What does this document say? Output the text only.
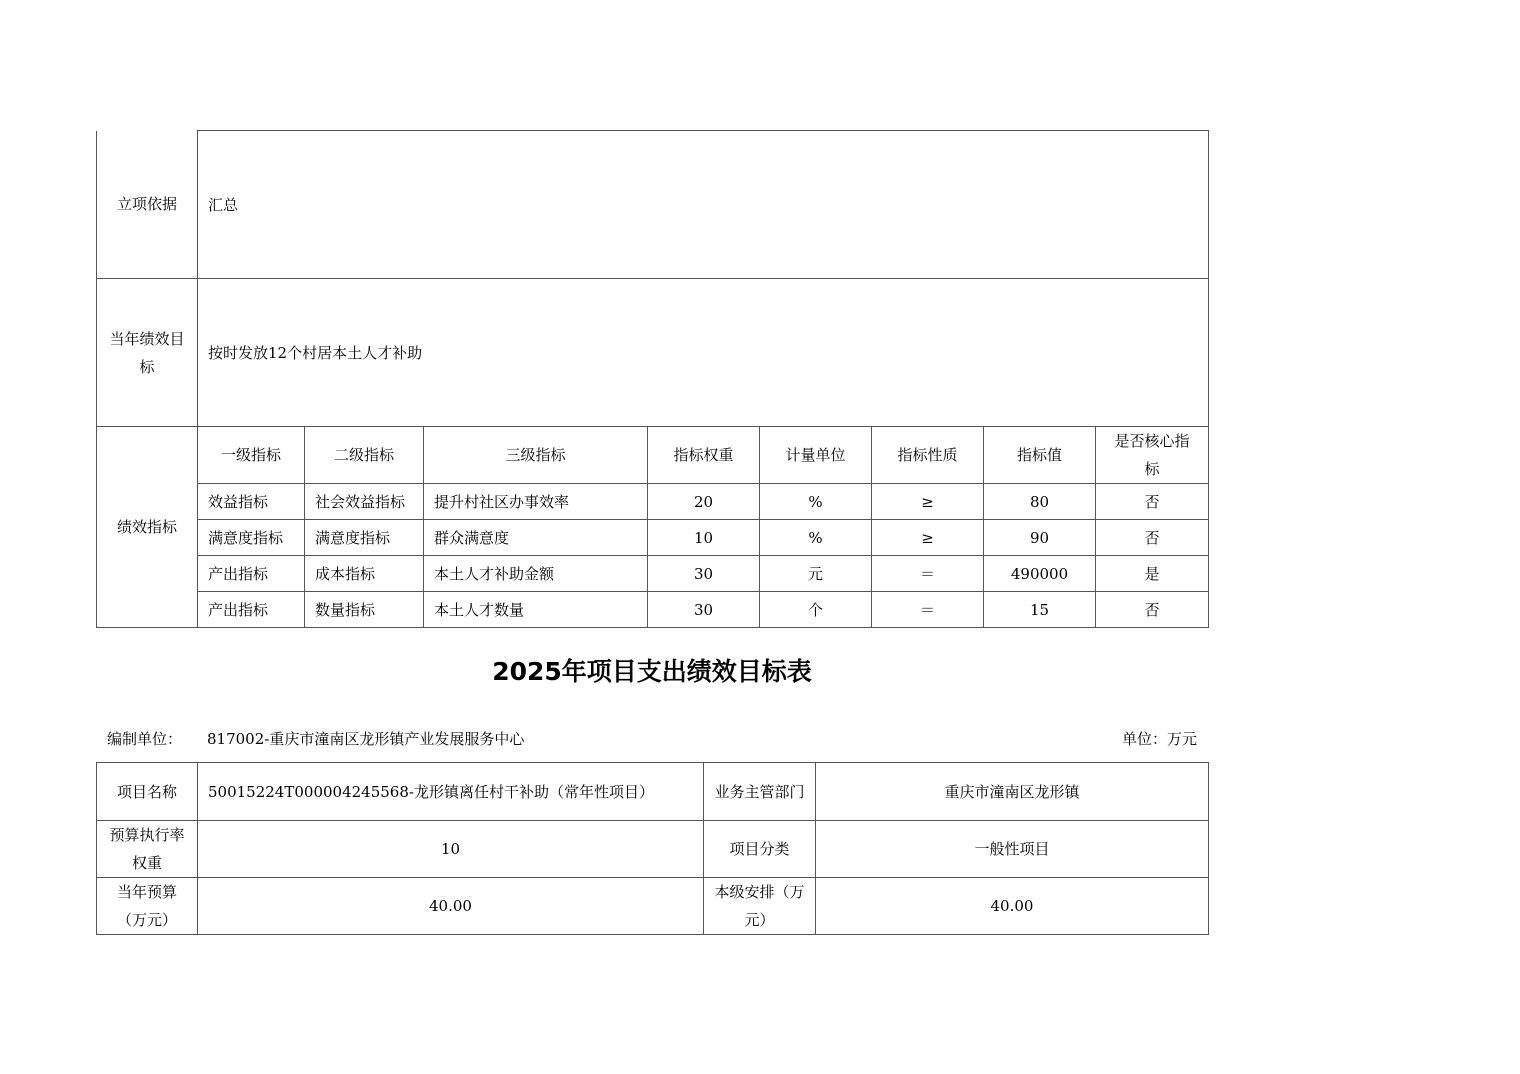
立项依据	汇总							

当年绩效目标	按时发放12个村居本土人才补助							
绩效指标	一级指标	二级指标	三级指标	指标权重	计量单位	指标性质	指标值	是否核心指标

	效益指标	社会效益指标	提升村社区办事效率	20	%	≥	80	否
	满意度指标	满意度指标	群众满意度	10	%	≥	90	否
	产出指标	成本指标	本土人才补助金额	30	元	＝	490000	是
	产出指标	数量指标	本土人才数量	30	个	＝	15	否
2025年项目支出绩效目标表
编制单位： 817002-重庆市潼南区龙形镇产业发展服务中心	单位：万元
项目名称	50015224T000004245568-龙形镇离任村干补助（常年性项目）	业务主管部门	重庆市潼南区龙形镇

预算执行率权重	10	项目分类	一般性项目

当年预算（万元）	40.00	本级安排（万元）	40.00
